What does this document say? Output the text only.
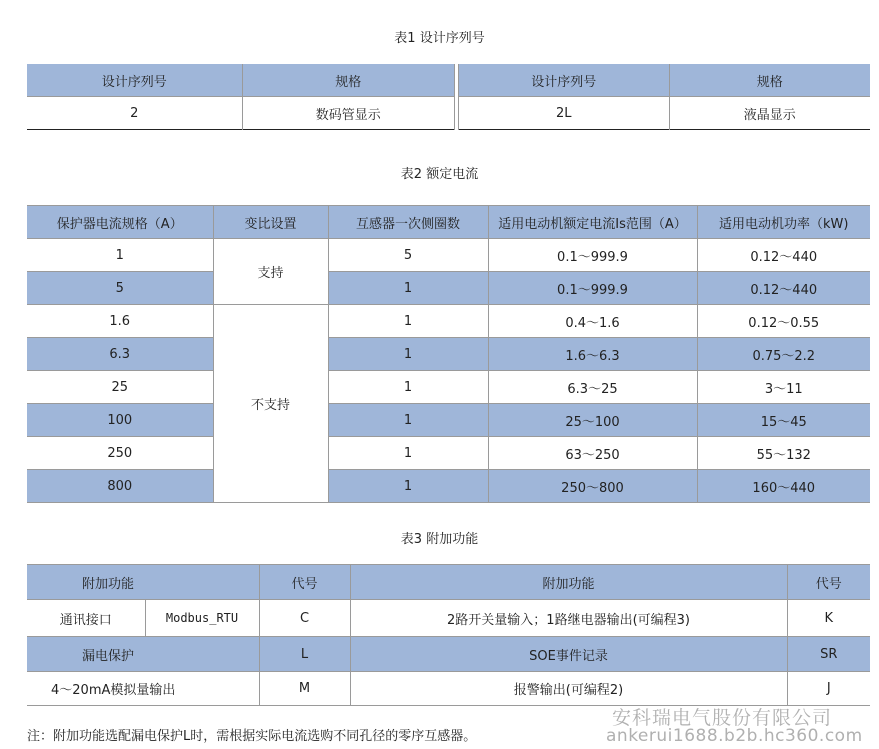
表1 设计序列号
设计序列号	规格
2	数码管显示
设计序列号	规格
2L	液晶显示
表2 额定电流
保护器电流规格（A）	变比设置	互感器一次侧圈数	适用电动机额定电流Is范围（A）	适用电动机功率（kW)
1	支持	5	0.1～999.9	0.12～440
5		1	0.1～999.9	0.12～440
1.6	不支持	1	0.4～1.6	0.12～0.55
6.3		1	1.6～6.3	0.75～2.2
25		1	6.3～25	3～11
100		1	25～100	15～45
250		1	63～250	55～132
800		1	250～800	160～440
表3 附加功能
附加功能		代号	附加功能	代号
通讯接口	Modbus_RTU	C	2路开关量输入；1路继电器输出(可编程3)	K
漏电保护		L	SOE事件记录	SR
4～20mA模拟量输出		M	报警输出(可编程2)	J
注：附加功能选配漏电保护L时，需根据实际电流选购不同孔径的零序互感器。
安科瑞电气股份有限公司
ankerui1688.b2b.hc360.com
